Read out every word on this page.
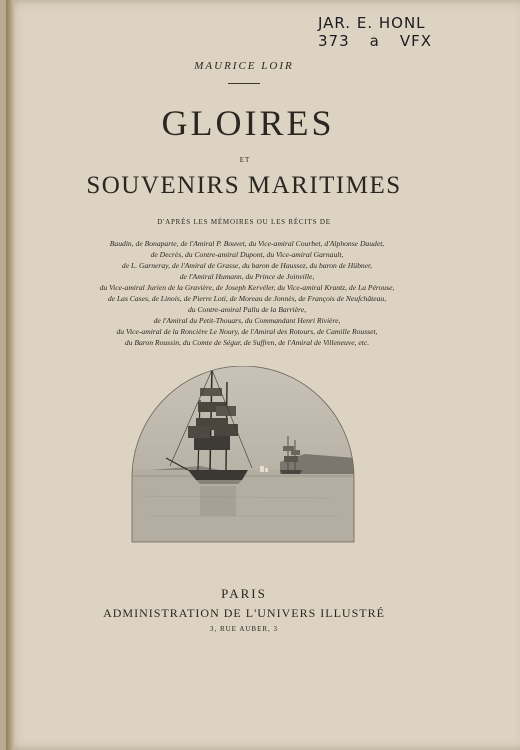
JAR. E. HONL
373 a VFX
MAURICE LOIR
GLOIRES
ET
SOUVENIRS MARITIMES
D'APRÈS LES MÉMOIRES OU LES RÉCITS DE
Baudin, de Bonaparte, de l'Amiral P. Bouvet, du Vice-amiral Courbet, d'Alphonse Daudet,
de Decrès, du Contre-amiral Dupont, du Vice-amiral Garnault,
de L. Garneray, de l'Amiral de Grasse, du baron de Haussez, du baron de Hübner,
de l'Amiral Humann, du Prince de Joinville,
du Vice-amiral Jurien de la Gravière, de Joseph Kervéler, du Vice-amiral Krantz, de La Pérouse,
de Las Cases, de Linois, de Pierre Loti, de Moreau de Jonnès, de François de Neufchâteau,
du Contre-amiral Pallu de la Barrière,
de l'Amiral du Petit-Thouars, du Commandant Henri Rivière,
du Vice-amiral de la Roncière Le Noury, de l'Amiral des Rotours, de Camille Rousset,
du Baron Roussin, du Comte de Ségur, de Suffren, de l'Amiral de Villeneuve, etc.
PARIS
ADMINISTRATION DE L'UNIVERS ILLUSTRÉ
3, RUE AUBER, 3
